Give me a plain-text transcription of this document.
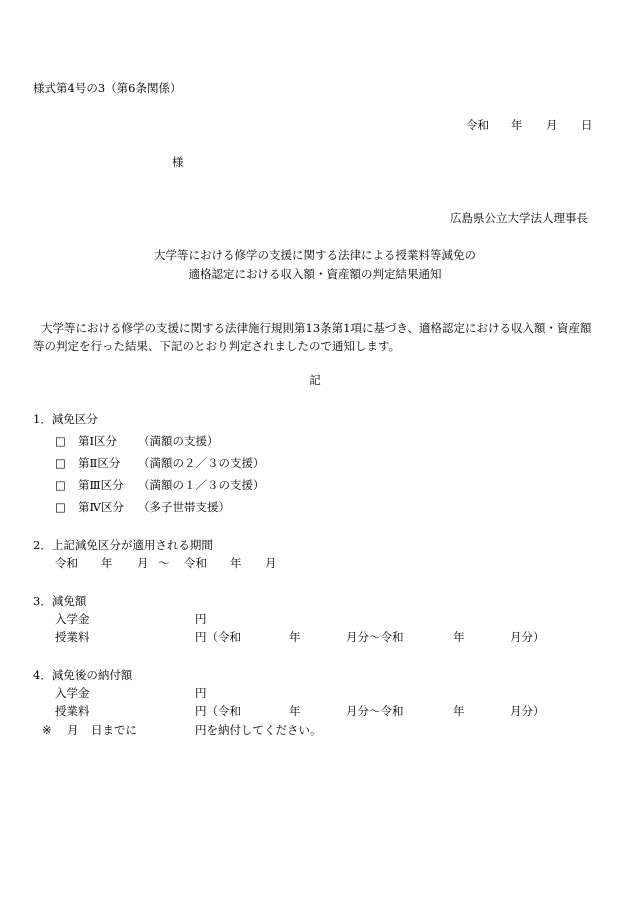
様式第4号の3（第6条関係）
令和 年 月 日
様
広島県公立大学法人理事長
大学等における修学の支援に関する法律による授業料等減免の
適格認定における収入額・資産額の判定結果通知
大学等における修学の支援に関する法律施行規則第13条第1項に基づき、適格認定における収入額・資産額
等の判定を行った結果、下記のとおり判定されましたので通知します。
記
1．減免区分
□ 第Ⅰ区分 （満額の支援）
□ 第Ⅱ区分 （満額の２／３の支援）
□ 第Ⅲ区分 （満額の１／３の支援）
□ 第Ⅳ区分 （多子世帯支援）
2．上記減免区分が適用される期間
令和 年 月 〜 令和 年 月
3．減免額
入学金	円
授業料	円（令和	年	月分〜令和	年	月分）
4．減免後の納付額
入学金	円
授業料	円（令和	年	月分〜令和	年	月分）
※ 月 日までに	円を納付してください。
